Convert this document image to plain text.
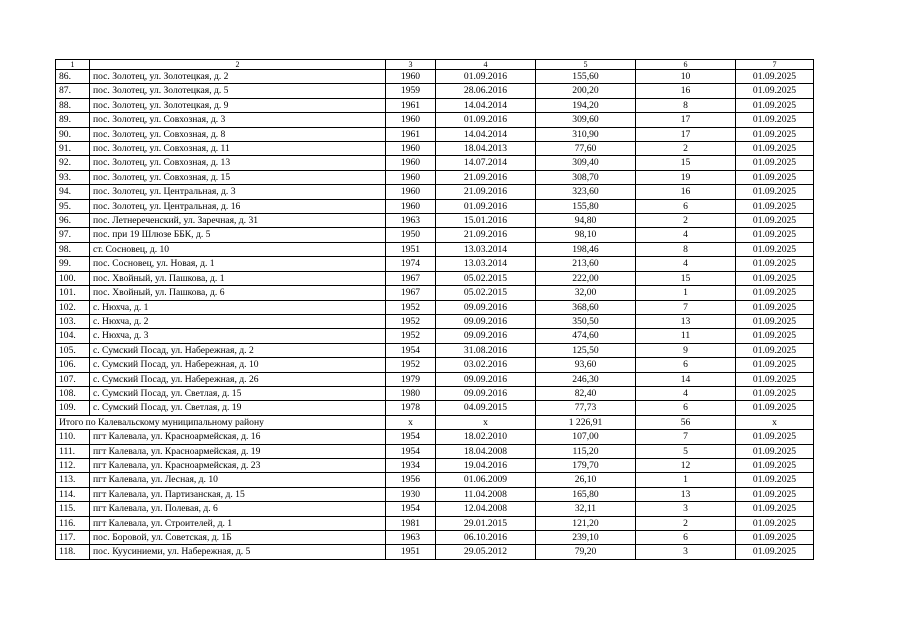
1	2	3	4	5	6	7
86.	пос. Золотец, ул. Золотецкая, д. 2	1960	01.09.2016	155,60	10	01.09.2025
87.	пос. Золотец, ул. Золотецкая, д. 5	1959	28.06.2016	200,20	16	01.09.2025
88.	пос. Золотец, ул. Золотецкая, д. 9	1961	14.04.2014	194,20	8	01.09.2025
89.	пос. Золотец, ул. Совхозная, д. 3	1960	01.09.2016	309,60	17	01.09.2025
90.	пос. Золотец, ул. Совхозная, д. 8	1961	14.04.2014	310,90	17	01.09.2025
91.	пос. Золотец, ул. Совхозная, д. 11	1960	18.04.2013	77,60	2	01.09.2025
92.	пос. Золотец, ул. Совхозная, д. 13	1960	14.07.2014	309,40	15	01.09.2025
93.	пос. Золотец, ул. Совхозная, д. 15	1960	21.09.2016	308,70	19	01.09.2025
94.	пос. Золотец, ул. Центральная, д. 3	1960	21.09.2016	323,60	16	01.09.2025
95.	пос. Золотец, ул. Центральная, д. 16	1960	01.09.2016	155,80	6	01.09.2025
96.	пос. Летнереченский, ул. Заречная, д. 31	1963	15.01.2016	94,80	2	01.09.2025
97.	пос. при 19 Шлюзе ББК, д. 5	1950	21.09.2016	98,10	4	01.09.2025
98.	ст. Сосновец, д. 10	1951	13.03.2014	198,46	8	01.09.2025
99.	пос. Сосновец, ул. Новая, д. 1	1974	13.03.2014	213,60	4	01.09.2025
100.	пос. Хвойный, ул. Пашкова, д. 1	1967	05.02.2015	222,00	15	01.09.2025
101.	пос. Хвойный, ул. Пашкова, д. 6	1967	05.02.2015	32,00	1	01.09.2025
102.	с. Нюхча, д. 1	1952	09.09.2016	368,60	7	01.09.2025
103.	с. Нюхча, д. 2	1952	09.09.2016	350,50	13	01.09.2025
104.	с. Нюхча, д. 3	1952	09.09.2016	474,60	11	01.09.2025
105.	с. Сумский Посад, ул. Набережная, д. 2	1954	31.08.2016	125,50	9	01.09.2025
106.	с. Сумский Посад, ул. Набережная, д. 10	1952	03.02.2016	93,60	6	01.09.2025
107.	с. Сумский Посад, ул. Набережная, д. 26	1979	09.09.2016	246,30	14	01.09.2025
108.	с. Сумский Посад, ул. Светлая, д. 15	1980	09.09.2016	82,40	4	01.09.2025
109.	с. Сумский Посад, ул. Светлая, д. 19	1978	04.09.2015	77,73	6	01.09.2025
Итого по Калевальскому муниципальному району		x	x	1 226,91	56	x
110.	пгт Калевала, ул. Красноармейская, д. 16	1954	18.02.2010	107,00	7	01.09.2025
111.	пгт Калевала, ул. Красноармейская, д. 19	1954	18.04.2008	115,20	5	01.09.2025
112.	пгт Калевала, ул. Красноармейская, д. 23	1934	19.04.2016	179,70	12	01.09.2025
113.	пгт Калевала, ул. Лесная, д. 10	1956	01.06.2009	26,10	1	01.09.2025
114.	пгт Калевала, ул. Партизанская, д. 15	1930	11.04.2008	165,80	13	01.09.2025
115.	пгт Калевала, ул. Полевая, д. 6	1954	12.04.2008	32,11	3	01.09.2025
116.	пгт Калевала, ул. Строителей, д. 1	1981	29.01.2015	121,20	2	01.09.2025
117.	пос. Боровой, ул. Советская, д. 1Б	1963	06.10.2016	239,10	6	01.09.2025
118.	пос. Куусиниеми, ул. Набережная, д. 5	1951	29.05.2012	79,20	3	01.09.2025
